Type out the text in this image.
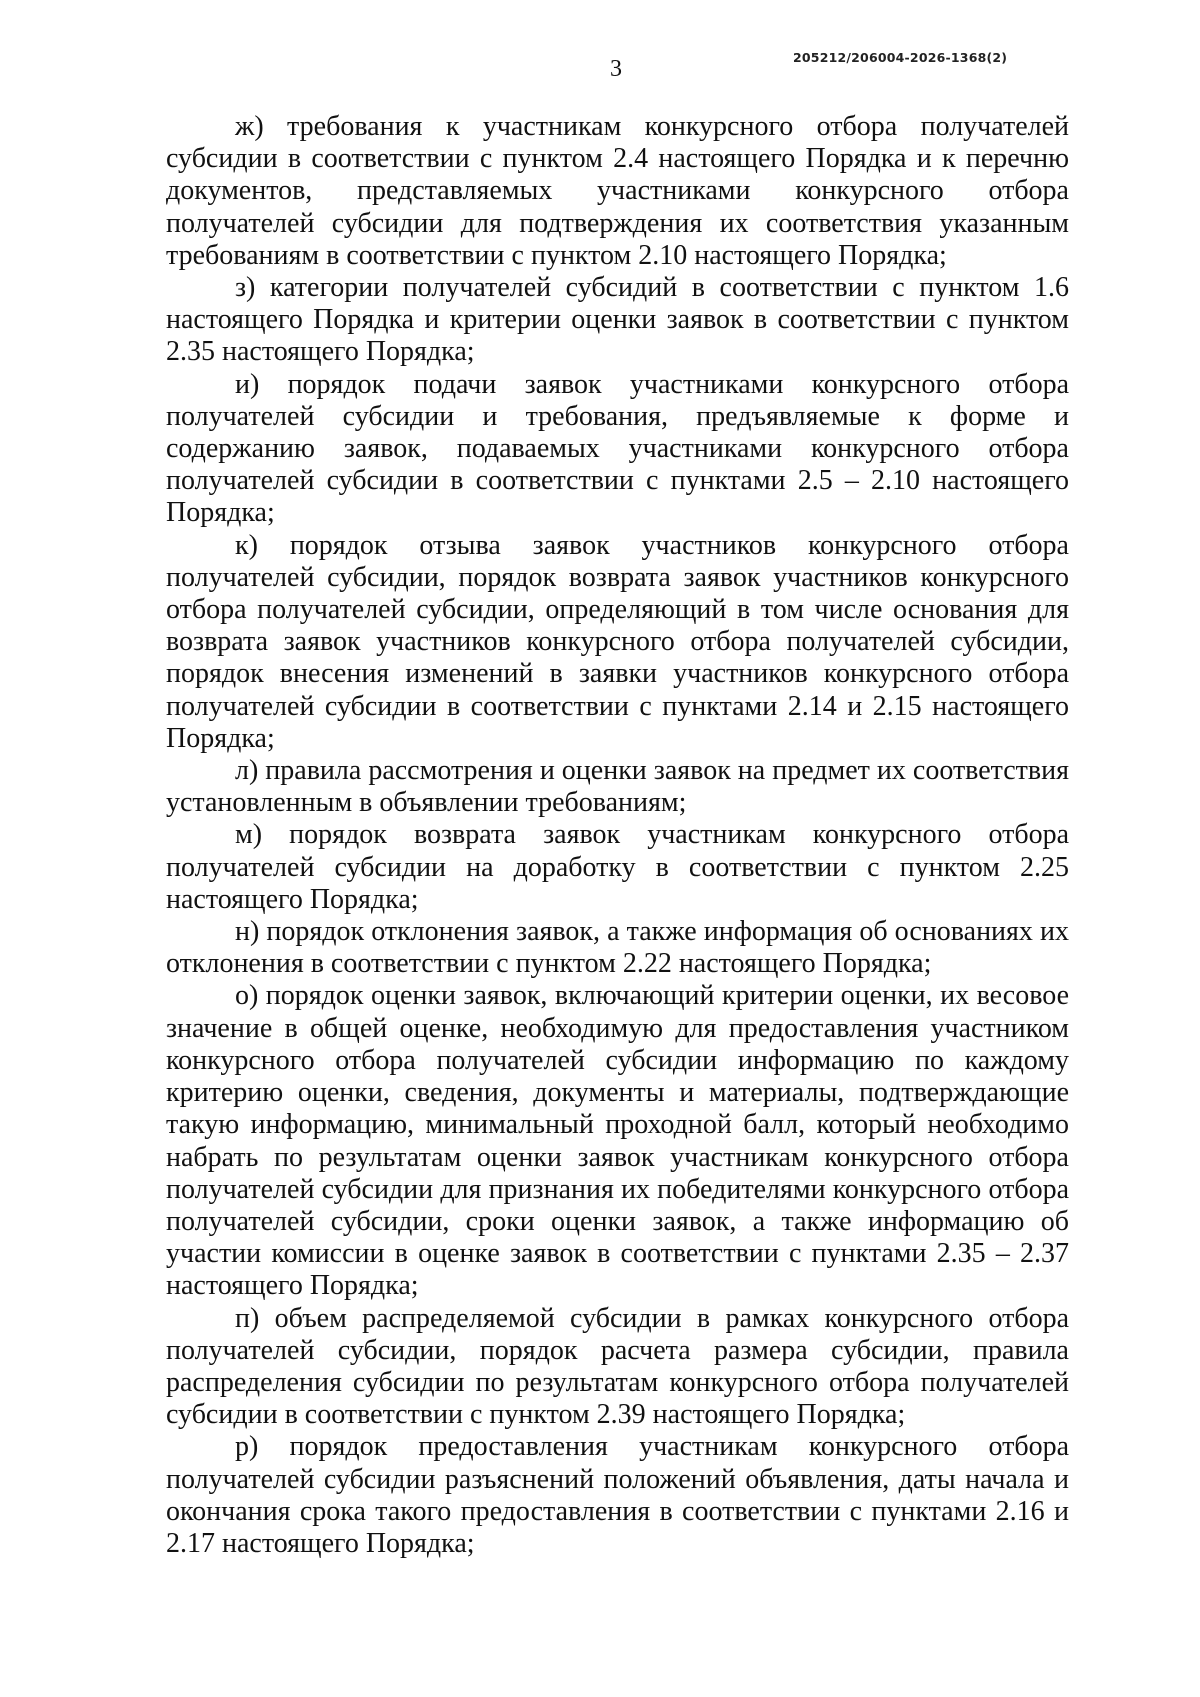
3	205212/206004-2026-1368(2)

ж) требования к участникам конкурсного отбора получателей субсидии в соответствии с пунктом 2.4 настоящего Порядка и к перечню документов, представляемых участниками конкурсного отбора получателей субсидии для подтверждения их соответствия указанным требованиям в соответствии с пунктом 2.10 настоящего Порядка;

з) категории получателей субсидий в соответствии с пунктом 1.6 настоящего Порядка и критерии оценки заявок в соответствии с пунктом 2.35 настоящего Порядка;

и) порядок подачи заявок участниками конкурсного отбора получателей субсидии и требования, предъявляемые к форме и содержанию заявок, подаваемых участниками конкурсного отбора получателей субсидии в соответствии с пунктами 2.5 – 2.10 настоящего Порядка;

к) порядок отзыва заявок участников конкурсного отбора получателей субсидии, порядок возврата заявок участников конкурсного отбора получателей субсидии, определяющий в том числе основания для возврата заявок участников конкурсного отбора получателей субсидии, порядок внесения изменений в заявки участников конкурсного отбора получателей субсидии в соответствии с пунктами 2.14 и 2.15 настоящего Порядка;

л) правила рассмотрения и оценки заявок на предмет их соответствия установленным в объявлении требованиям;

м) порядок возврата заявок участникам конкурсного отбора получателей субсидии на доработку в соответствии с пунктом 2.25 настоящего Порядка;

н) порядок отклонения заявок, а также информация об основаниях их отклонения в соответствии с пунктом 2.22 настоящего Порядка;

о) порядок оценки заявок, включающий критерии оценки, их весовое значение в общей оценке, необходимую для предоставления участником конкурсного отбора получателей субсидии информацию по каждому критерию оценки, сведения, документы и материалы, подтверждающие такую информацию, минимальный проходной балл, который необходимо набрать по результатам оценки заявок участникам конкурсного отбора получателей субсидии для признания их победителями конкурсного отбора получателей субсидии, сроки оценки заявок, а также информацию об участии комиссии в оценке заявок в соответствии с пунктами 2.35 – 2.37 настоящего Порядка;

п) объем распределяемой субсидии в рамках конкурсного отбора получателей субсидии, порядок расчета размера субсидии, правила распределения субсидии по результатам конкурсного отбора получателей субсидии в соответствии с пунктом 2.39 настоящего Порядка;

р) порядок предоставления участникам конкурсного отбора получателей субсидии разъяснений положений объявления, даты начала и окончания срока такого предоставления в соответствии с пунктами 2.16 и 2.17 настоящего Порядка;
